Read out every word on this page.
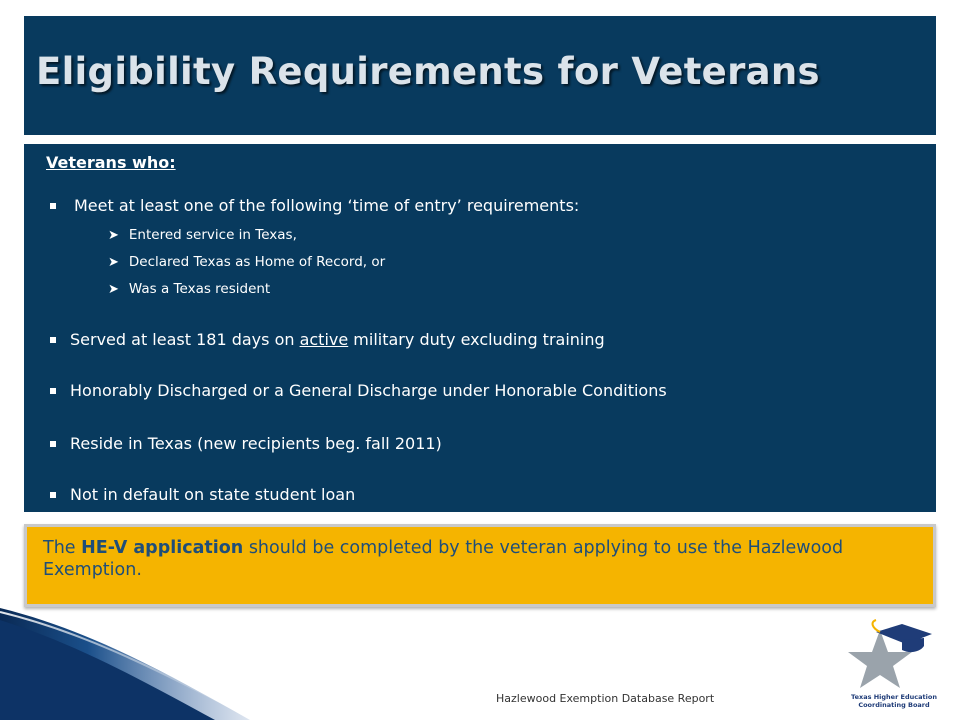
Eligibility Requirements for Veterans
Veterans who:
Meet at least one of the following ‘time of entry’ requirements:
➤ Entered service in Texas,
➤ Declared Texas as Home of Record, or
➤ Was a Texas resident
Served at least 181 days on active military duty excluding training
Honorably Discharged or a General Discharge under Honorable Conditions
Reside in Texas (new recipients beg. fall 2011)
Not in default on state student loan
The HE-V application should be completed by the veteran applying to use the Hazlewood Exemption.
Hazlewood Exemption Database Report	Texas Higher Education
Coordinating Board
